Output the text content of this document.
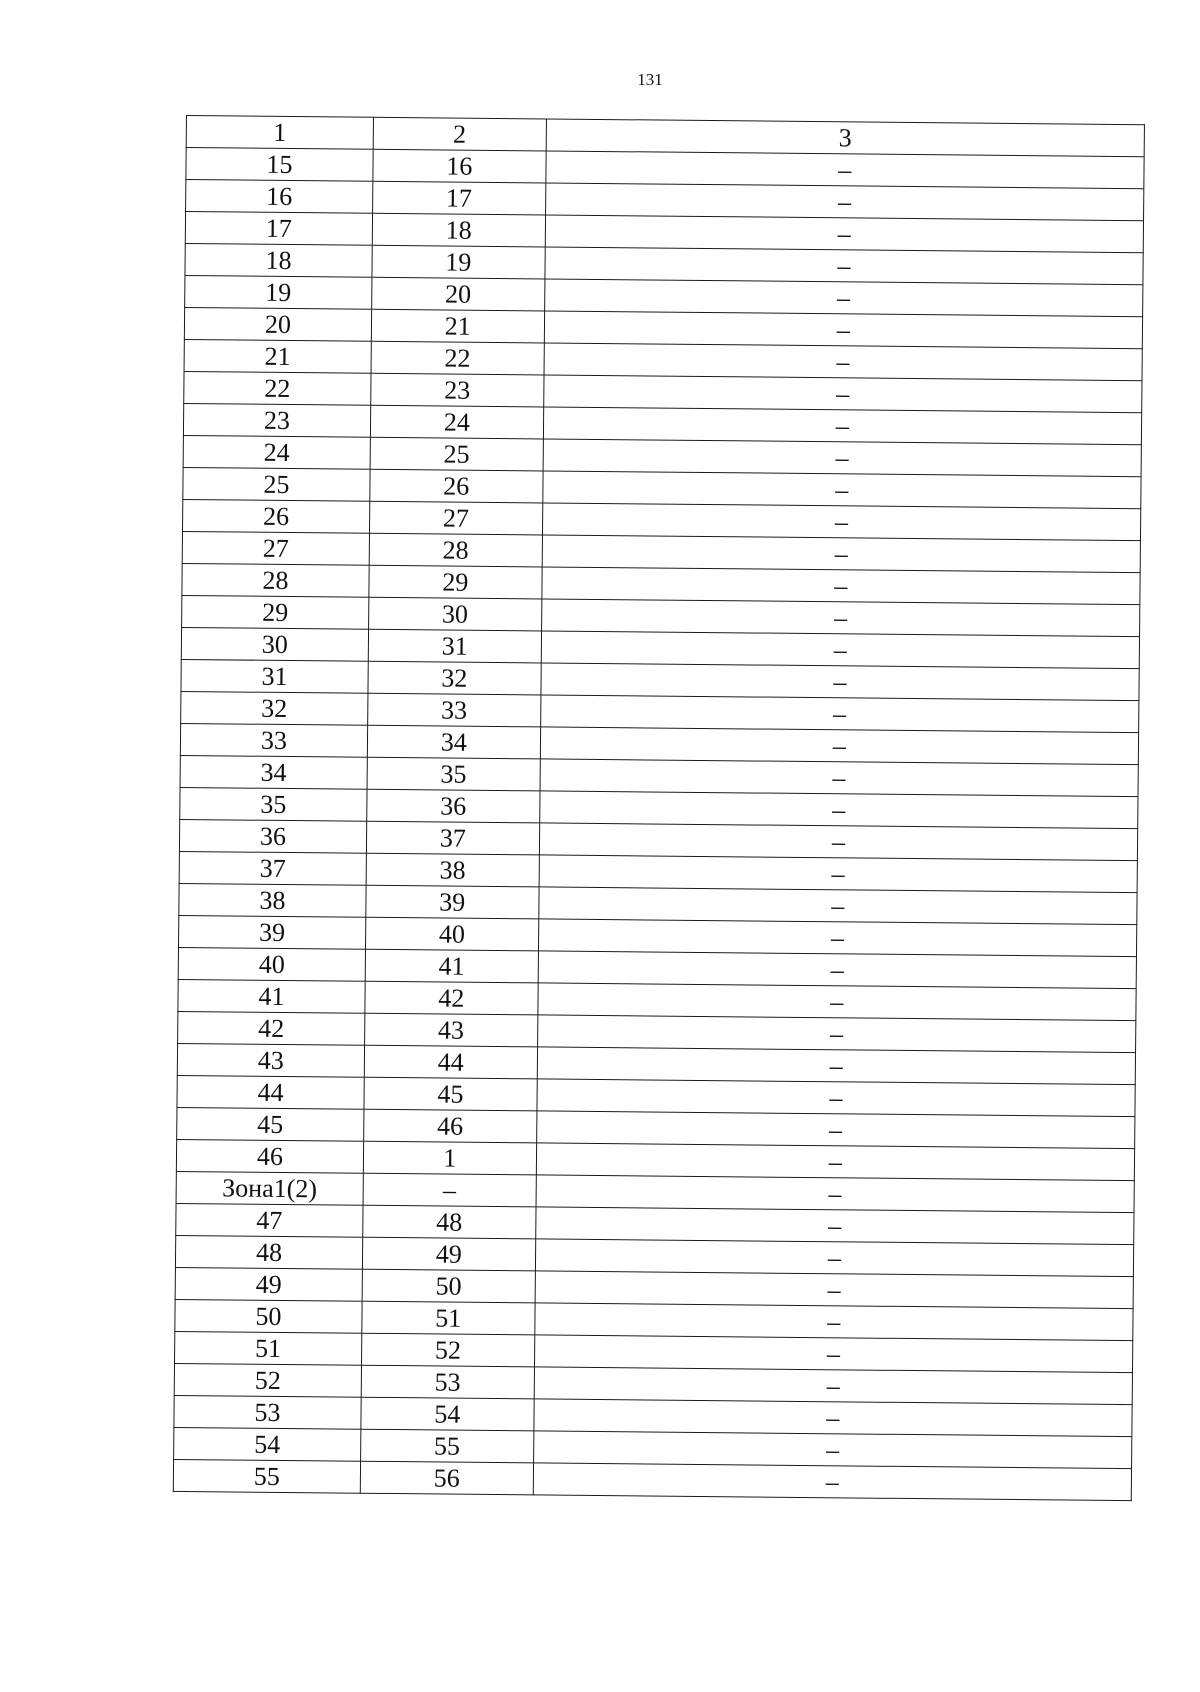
131
1	2	3
15	16	–
16	17	–
17	18	–
18	19	–
19	20	–
20	21	–
21	22	–
22	23	–
23	24	–
24	25	–
25	26	–
26	27	–
27	28	–
28	29	–
29	30	–
30	31	–
31	32	–
32	33	–
33	34	–
34	35	–
35	36	–
36	37	–
37	38	–
38	39	–
39	40	–
40	41	–
41	42	–
42	43	–
43	44	–
44	45	–
45	46	–
46	1	–
Зона1(2)	–	–
47	48	–
48	49	–
49	50	–
50	51	–
51	52	–
52	53	–
53	54	–
54	55	–
55	56	–
